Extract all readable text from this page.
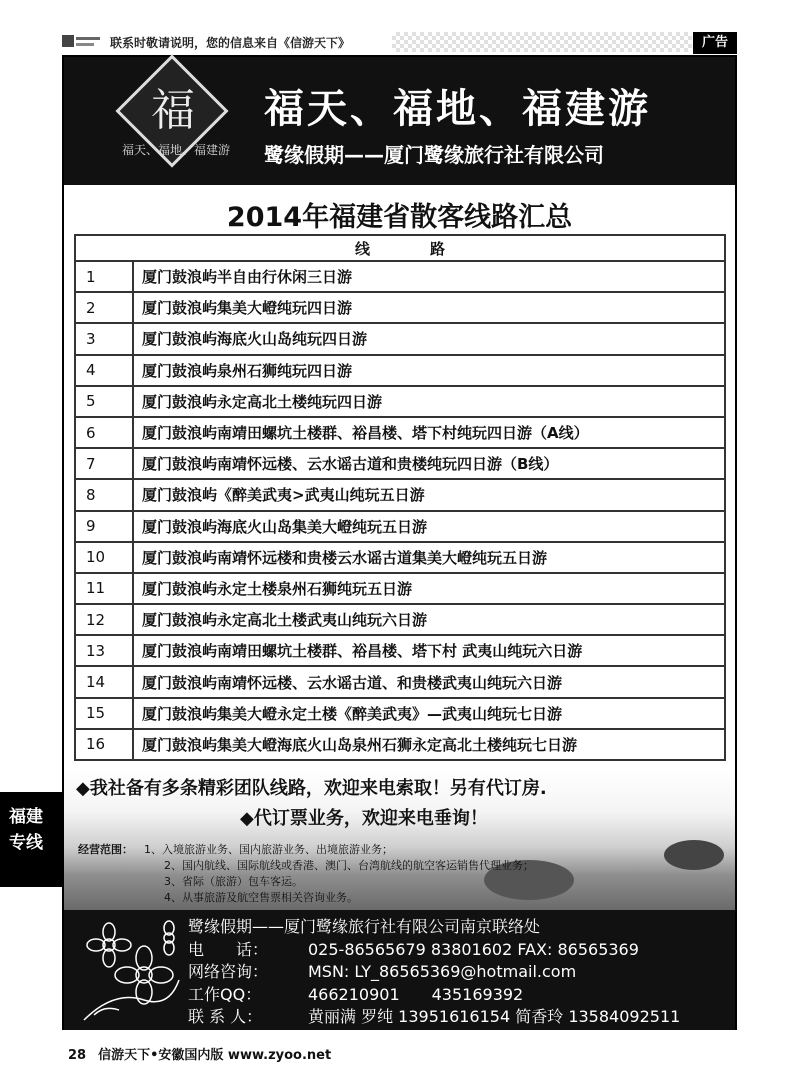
联系时敬请说明，您的信息来自《信游天下》	广告
福
福天、福地、福建游
福天、福地、福建游
鹭缘假期——厦门鹭缘旅行社有限公司
2014年福建省散客线路汇总
线路	
1	厦门鼓浪屿半自由行休闲三日游
2	厦门鼓浪屿集美大嶝纯玩四日游
3	厦门鼓浪屿海底火山岛纯玩四日游
4	厦门鼓浪屿泉州石狮纯玩四日游
5	厦门鼓浪屿永定高北土楼纯玩四日游
6	厦门鼓浪屿南靖田螺坑土楼群、裕昌楼、塔下村纯玩四日游（A线）
7	厦门鼓浪屿南靖怀远楼、云水谣古道和贵楼纯玩四日游（B线）
8	厦门鼓浪屿《醉美武夷>武夷山纯玩五日游
9	厦门鼓浪屿海底火山岛集美大嶝纯玩五日游
10	厦门鼓浪屿南靖怀远楼和贵楼云水谣古道集美大嶝纯玩五日游
11	厦门鼓浪屿永定土楼泉州石狮纯玩五日游
12	厦门鼓浪屿永定高北土楼武夷山纯玩六日游
13	厦门鼓浪屿南靖田螺坑土楼群、裕昌楼、塔下村 武夷山纯玩六日游
14	厦门鼓浪屿南靖怀远楼、云水谣古道、和贵楼武夷山纯玩六日游
15	厦门鼓浪屿集美大嶝永定土楼《醉美武夷》—武夷山纯玩七日游
16	厦门鼓浪屿集美大嶝海底火山岛泉州石狮永定高北土楼纯玩七日游
◆我社备有多条精彩团队线路，欢迎来电索取！另有代订房.
◆代订票业务，欢迎来电垂询！
经营范围： 1、入境旅游业务、国内旅游业务、出境旅游业务；
2、国内航线、国际航线或香港、澳门、台湾航线的航空客运销售代理业务；
3、省际（旅游）包车客运。
4、从事旅游及航空售票相关咨询业务。
鹭缘假期——厦门鹭缘旅行社有限公司南京联络处
电　　话： 025-86565679 83801602 FAX: 86565369
网络咨询： MSN: LY_86565369@hotmail.com
工作QQ：	466210901　　435169392
联 系 人：	黄丽满 罗纯 13951616154 简香玲 13584092511
福建
专线
28 信游天下•安徽国内版 www.zyoo.net
